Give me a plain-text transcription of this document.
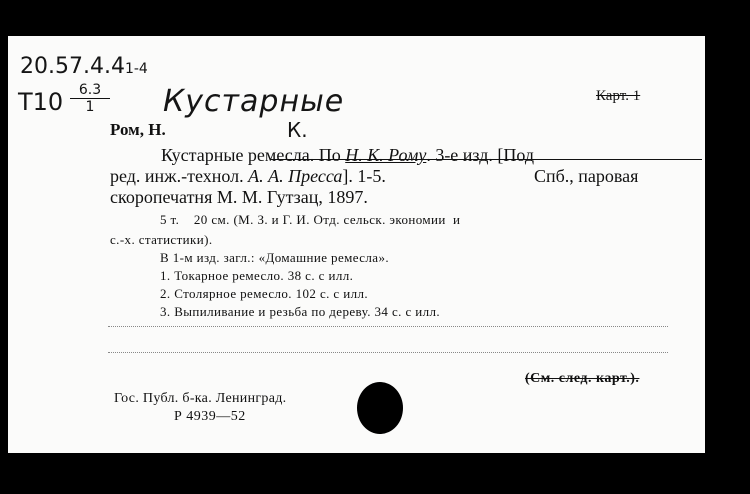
20.57.4.41-4
Т10	6.3
1	Кустарные	Карт. 1
Ром, Н.	К.
Кустарные ремесла. По Н. К. Рому. 3-е изд. [Под
ред. инж.-технол. А. А. Пресса]. 1-5.	Спб., паровая
скоропечатня М. М. Гутзац, 1897.
5 т.    20 см. (М. З. и Г. И. Отд. сельск. экономии  и
с.-х. статистики).
В 1-м изд. загл.: «Домашние ремесла».
1. Токарное ремесло. 38 с. с илл.
2. Столярное ремесло. 102 с. с илл.
3. Выпиливание и резьба по дереву. 34 с. с илл.
(См. след. карт.).
Гос. Публ. б-ка. Ленинград.
Р 4939—52
